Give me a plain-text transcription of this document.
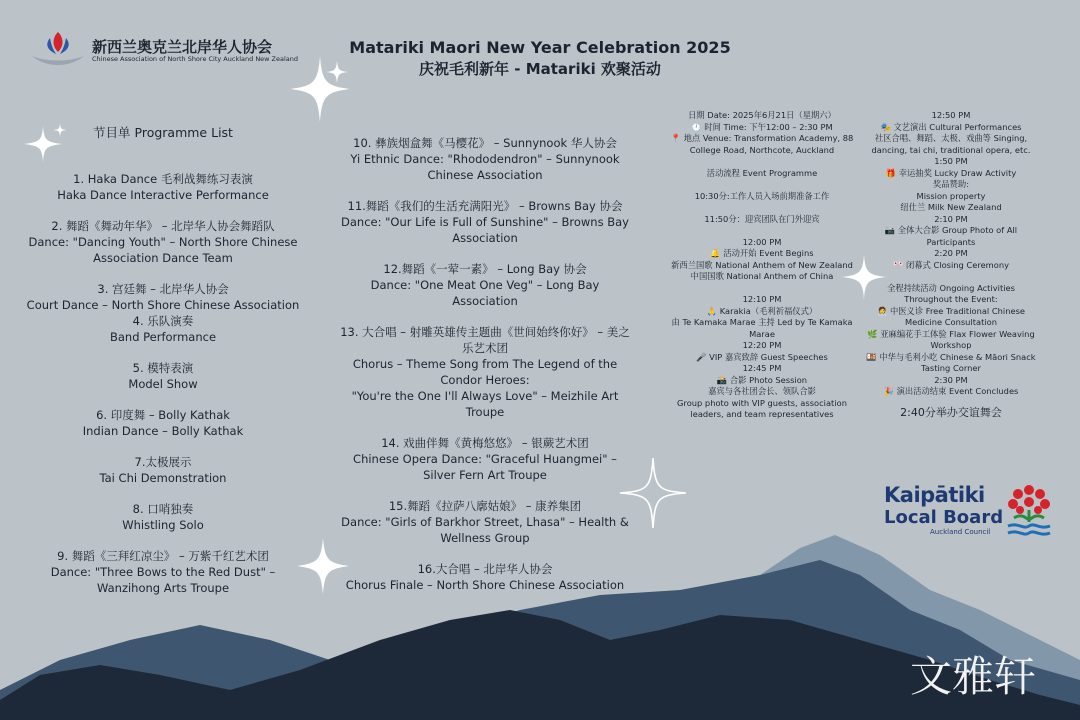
新西兰奥克兰北岸华人协会
Chinese Association of North Shore City Auckland New Zealand
Matariki Maori New Year Celebration 2025
庆祝毛利新年 - Matariki 欢聚活动
节目单 Programme List

1. Haka Dance 毛利战舞练习表演

Haka Dance Interactive Performance

2. 舞蹈《舞动年华》 – 北岸华人协会舞蹈队

Dance: "Dancing Youth" – North Shore Chinese Association Dance Team

3. 宫廷舞 – 北岸华人协会

Court Dance – North Shore Chinese Association

4. 乐队演奏

Band Performance

5. 模特表演

Model Show

6. 印度舞 – Bolly Kathak

Indian Dance – Bolly Kathak

7.太极展示

Tai Chi Demonstration

8. 口哨独奏

Whistling Solo

9. 舞蹈《三拜红凉尘》 – 万紫千红艺术团

Dance: "Three Bows to the Red Dust" – Wanzihong Arts Troupe

10. 彝族烟盒舞《马樱花》 – Sunnynook 华人协会

Yi Ethnic Dance: "Rhododendron" – Sunnynook Chinese Association

11.舞蹈《我们的生活充满阳光》 – Browns Bay 协会

Dance: "Our Life is Full of Sunshine" – Browns Bay Association

12.舞蹈《一荤一素》 – Long Bay 协会

Dance: "One Meat One Veg" – Long Bay Association

13. 大合唱 – 射雕英雄传主题曲《世间始终你好》 – 美之乐艺术团

Chorus – Theme Song from The Legend of the Condor Heroes:

"You're the One I'll Always Love" – Meizhile Art Troupe

14. 戏曲伴舞《黄梅悠悠》 – 银蕨艺术团

Chinese Opera Dance: "Graceful Huangmei" – Silver Fern Art Troupe

15.舞蹈《拉萨八廓姑娘》 – 康养集团

Dance: "Girls of Barkhor Street, Lhasa" – Health & Wellness Group

16.大合唱 – 北岸华人协会

Chorus Finale – North Shore Chinese Association

日期 Date: 2025年6月21日（星期六）

🕛 时间 Time: 下午12:00 – 2:30 PM

📍 地点 Venue: Transformation Academy, 88 College Road, Northcote, Auckland

活动流程 Event Programme

10:30分:工作人员入场前期准备工作

11:50分：迎宾团队在门外迎宾

12:00 PM

🔔 活动开始 Event Begins

新西兰国歌 National Anthem of New Zealand

中国国歌 National Anthem of China

12:10 PM

🙏 Karakia（毛利祈福仪式）

由 Te Kamaka Marae 主持 Led by Te Kamaka Marae

12:20 PM

🎤 VIP 嘉宾致辞 Guest Speeches

12:45 PM

📸 合影 Photo Session

嘉宾与各社团会长、领队合影

Group photo with VIP guests, association leaders, and team representatives

12:50 PM

🎭 文艺演出 Cultural Performances

社区合唱、舞蹈、太极、戏曲等 Singing, dancing, tai chi, traditional opera, etc.

1:50 PM

🎁 幸运抽奖 Lucky Draw Activity

奖品赞助:

Mission property

纽仕兰 Milk New Zealand

2:10 PM

📷 全体大合影 Group Photo of All Participants

2:20 PM

🎌 闭幕式 Closing Ceremony

全程持续活动 Ongoing Activities Throughout the Event:

🧑‍⚕️ 中医义诊 Free Traditional Chinese Medicine Consultation

🌿 亚麻编花手工体验 Flax Flower Weaving Workshop

🍱 中华与毛利小吃 Chinese & Māori Snack Tasting Corner

2:30 PM

🎉 演出活动结束 Event Concludes

2:40分举办交谊舞会
Kaipātiki
Local Board
Auckland Council
文雅轩
